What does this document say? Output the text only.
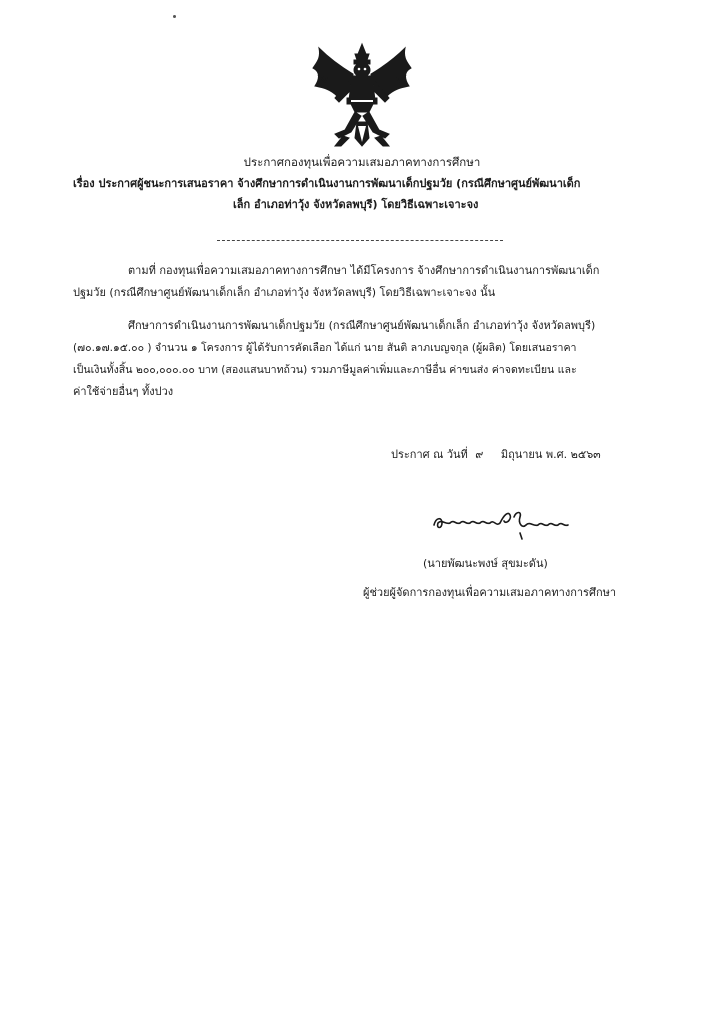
ประกาศกองทุนเพื่อความเสมอภาคทางการศึกษา
เรื่อง ประกาศผู้ชนะการเสนอราคา จ้างศึกษาการดำเนินงานการพัฒนาเด็กปฐมวัย (กรณีศึกษาศูนย์พัฒนาเด็ก
เล็ก อำเภอท่าวุ้ง จังหวัดลพบุรี) โดยวิธีเฉพาะเจาะจง
ตามที่ กองทุนเพื่อความเสมอภาคทางการศึกษา ได้มีโครงการ จ้างศึกษาการดำเนินงานการพัฒนาเด็ก
ปฐมวัย (กรณีศึกษาศูนย์พัฒนาเด็กเล็ก อำเภอท่าวุ้ง จังหวัดลพบุรี) โดยวิธีเฉพาะเจาะจง นั้น
ศึกษาการดำเนินงานการพัฒนาเด็กปฐมวัย (กรณีศึกษาศูนย์พัฒนาเด็กเล็ก อำเภอท่าวุ้ง จังหวัดลพบุรี)
(๗๐.๑๗.๑๕.๐๐ ) จำนวน ๑ โครงการ ผู้ได้รับการคัดเลือก ได้แก่ นาย สันติ ลาภเบญจกุล (ผู้ผลิต) โดยเสนอราคา
เป็นเงินทั้งสิ้น ๒๐๐,๐๐๐.๐๐ บาท (สองแสนบาทถ้วน) รวมภาษีมูลค่าเพิ่มและภาษีอื่น ค่าขนส่ง ค่าจดทะเบียน และ
ค่าใช้จ่ายอื่นๆ ทั้งปวง
ประกาศ ณ วันที่ ๙ มิถุนายน พ.ศ. ๒๕๖๓
(นายพัฒนะพงษ์ สุขมะดัน)
ผู้ช่วยผู้จัดการกองทุนเพื่อความเสมอภาคทางการศึกษา
